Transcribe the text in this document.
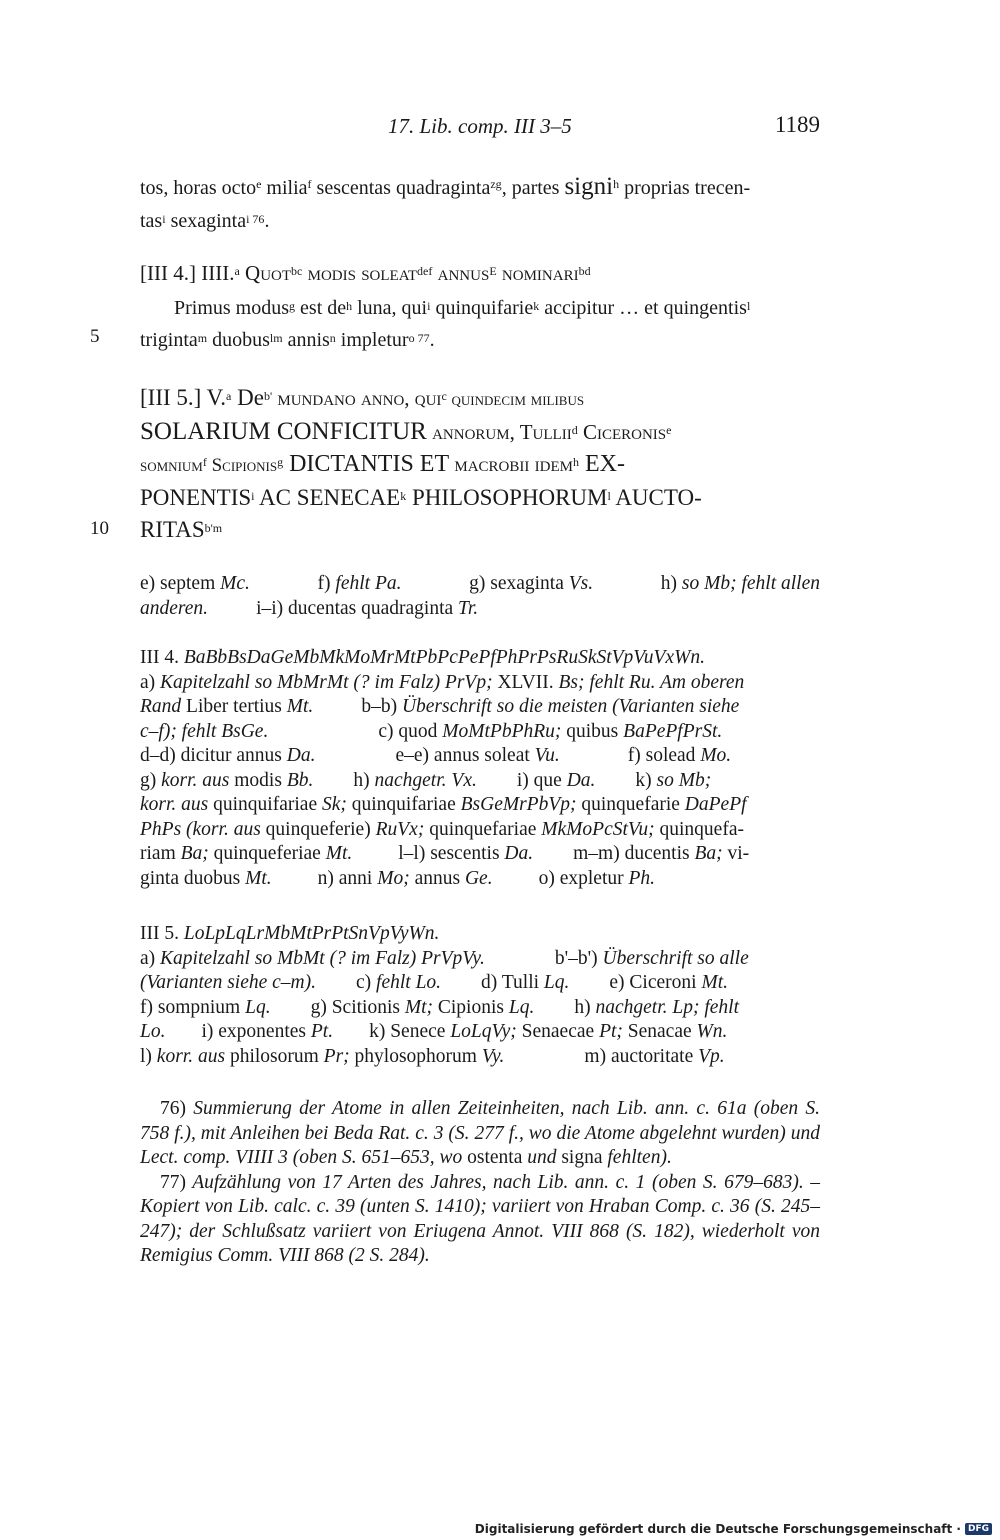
17. Lib. comp. III 3–5	1189
tos, horas octo$^e$ milia$^f$ sescentas quadraginta$^{zg}$, partes signi$^h$ proprias trecen-
tas$^i$ sexaginta$^{i 76}$.
[III 4.] IIII.$^a$ Quot$^{bc}$ modis soleat$^{def}$ annus$^E$ nominari$^{bd}$
Primus modus$^g$ est $de^h$ luna, qui$^i$ quinquifarie$^k$ accipitur … et quingentis$^l$
triginta$^m$ duobus$^{lm}$ annis$^n$ impletur$^{o 77}$.
5
[III 5.] V.$^a$ $De^{b'}$ mundano anno, qui$^c$ quindecim milibus
SOLARIUM CONFICITUR annorum, Tullii$^d$ Ciceronis$^e$
somnium$^f$ Scipionis$^g$ DICTANTIS ET macrobii idem$^h$ EX-
PONENTIS$^i$ AC SENECAE$^k$ PHILOSOPHORUM$^l$ AUCTO-
$RITAS^{b'm}$
10

e) septem Mc.	f) fehlt Pa.	g) sexaginta Vs.	h) so Mb; fehlt allen

anderen. i–i) ducentas quadraginta Tr.

III 4. BaBbBsDaGeMbMkMoMrMtPbPcPePfPhPrPsRuSkStVpVuVxWn.

a) Kapitelzahl so MbMrMt (? im Falz) PrVp; XLVII. Bs; fehlt Ru. Am oberen

Rand Liber tertius Mt. b–b) Überschrift so die meisten (Varianten siehe

c–f); fehlt BsGe.	c) quod MoMtPbPhRu; quibus BaPePfPrSt.

d–d) dicitur annus Da.	e–e) annus soleat Vu.	f) solead Mo.

g) korr. aus modis Bb. h) nachgetr. Vx. i) que Da. k) so Mb;

korr. aus quinquifariae Sk; quinquifariae BsGeMrPbVp; quinquefarie DaPePf

PhPs (korr. aus quinqueferie) RuVx; quinquefariae MkMoPcStVu; quinquefa-

riam Ba; quinqueferiae Mt. l–l) sescentis Da. m–m) ducentis Ba; vi-

ginta duobus Mt. n) anni Mo; annus Ge. o) expletur Ph.

III 5. LoLpLqLrMbMtPrPtSnVpVyWn.

a) Kapitelzahl so MbMt (? im Falz) PrVpVy.	b'–b') Überschrift so alle

(Varianten siehe c–m). c) fehlt Lo. d) Tulli Lq. e) Ciceroni Mt.

f) sompnium Lq. g) Scitionis Mt; Cipionis Lq. h) nachgetr. Lp; fehlt

Lo. i) exponentes Pt. k) Senece LoLqVy; Senaecae Pt; Senacae Wn.

l) korr. aus philosorum Pr; phylosophorum Vy.	m) auctoritate Vp.

76) Summierung der Atome in allen Zeiteinheiten, nach Lib. ann. c. 61a (oben S. 758 f.), mit Anleihen bei Beda Rat. c. 3 (S. 277 f., wo die Atome abgelehnt wurden) und Lect. comp. VIIII 3 (oben S. 651–653, wo ostenta und signa fehlten).

77) Aufzählung von 17 Arten des Jahres, nach Lib. ann. c. 1 (oben S. 679–683). – Kopiert von Lib. calc. c. 39 (unten S. 1410); variiert von Hraban Comp. c. 36 (S. 245–247); der Schlußsatz variiert von Eriugena Annot. VIII 868 (S. 182), wiederholt von Remigius Comm. VIII 868 (2 S. 284).

Digitalisierung gefördert durch die Deutsche Forschungsgemeinschaft · DFG
